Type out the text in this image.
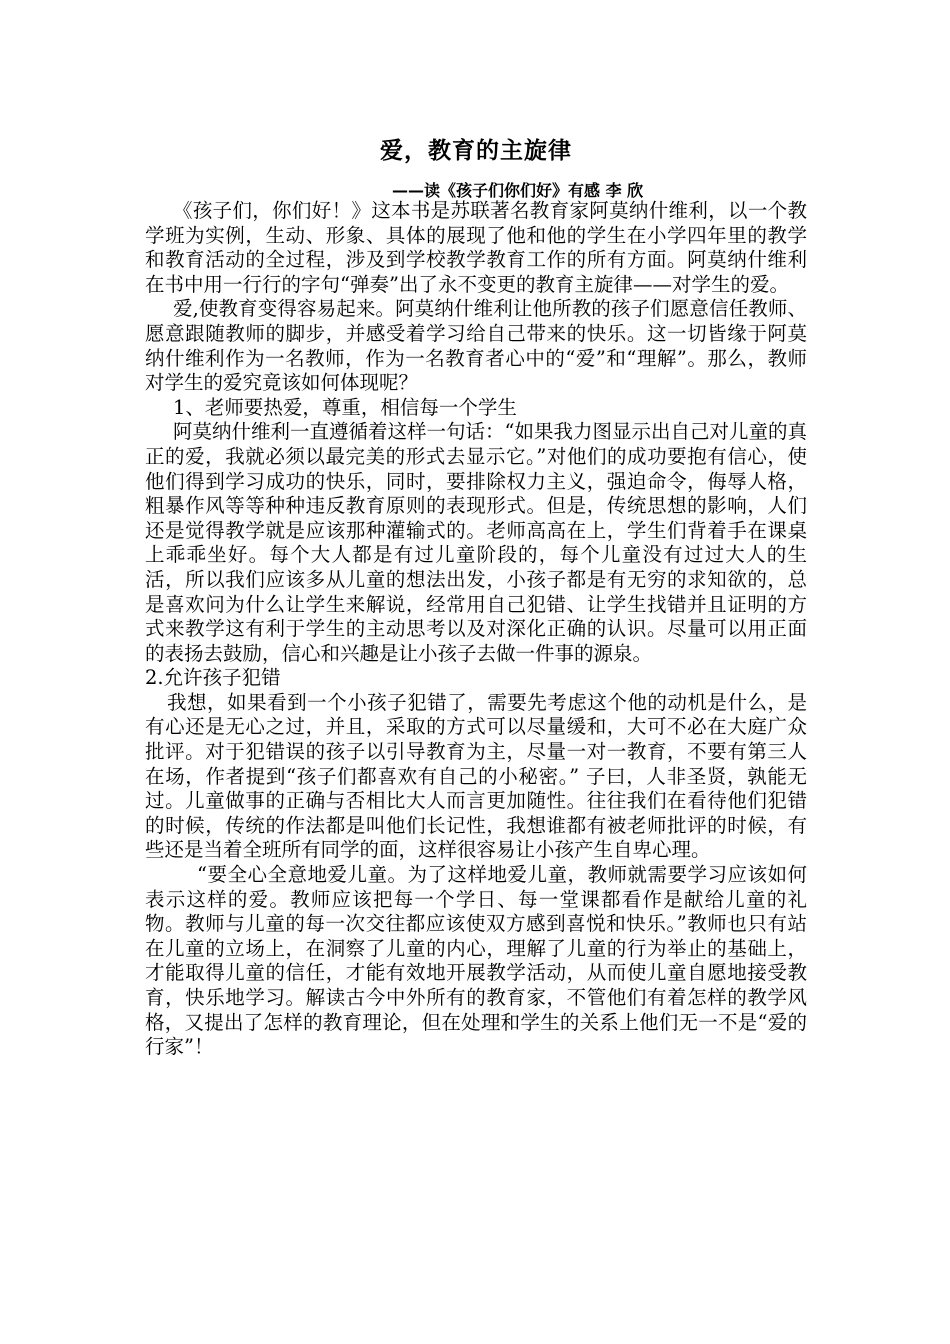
爱，教育的主旋律
——读《孩子们你们好》有感 李 欣

《孩子们，你们好！》这本书是苏联著名教育家阿莫纳什维利，以一个教学班为实例，生动、形象、具体的展现了他和他的学生在小学四年里的教学和教育活动的全过程，涉及到学校教学教育工作的所有方面。阿莫纳什维利在书中用一行行的字句“弹奏”出了永不变更的教育主旋律——对学生的爱。

爱,使教育变得容易起来。阿莫纳什维利让他所教的孩子们愿意信任教师、愿意跟随教师的脚步，并感受着学习给自己带来的快乐。这一切皆缘于阿莫纳什维利作为一名教师，作为一名教育者心中的“爱”和“理解”。那么，教师对学生的爱究竟该如何体现呢？

1、老师要热爱，尊重，相信每一个学生

阿莫纳什维利一直遵循着这样一句话：“如果我力图显示出自己对儿童的真正的爱，我就必须以最完美的形式去显示它。”对他们的成功要抱有信心，使他们得到学习成功的快乐，同时，要排除权力主义，强迫命令，侮辱人格，粗暴作风等等种种违反教育原则的表现形式。但是，传统思想的影响，人们还是觉得教学就是应该那种灌输式的。老师高高在上，学生们背着手在课桌上乖乖坐好。每个大人都是有过儿童阶段的，每个儿童没有过过大人的生活，所以我们应该多从儿童的想法出发，小孩子都是有无穷的求知欲的，总是喜欢问为什么让学生来解说，经常用自己犯错、让学生找错并且证明的方式来教学这有利于学生的主动思考以及对深化正确的认识。尽量可以用正面的表扬去鼓励，信心和兴趣是让小孩子去做一件事的源泉。

2.允许孩子犯错

我想，如果看到一个小孩子犯错了，需要先考虑这个他的动机是什么，是有心还是无心之过，并且，采取的方式可以尽量缓和，大可不必在大庭广众批评。对于犯错误的孩子以引导教育为主，尽量一对一教育，不要有第三人在场，作者提到“孩子们都喜欢有自己的小秘密。” 子曰，人非圣贤，孰能无过。儿童做事的正确与否相比大人而言更加随性。往往我们在看待他们犯错的时候，传统的作法都是叫他们长记性，我想谁都有被老师批评的时候，有些还是当着全班所有同学的面，这样很容易让小孩产生自卑心理。

“要全心全意地爱儿童。为了这样地爱儿童，教师就需要学习应该如何表示这样的爱。教师应该把每一个学日、每一堂课都看作是献给儿童的礼物。教师与儿童的每一次交往都应该使双方感到喜悦和快乐。”教师也只有站在儿童的立场上，在洞察了儿童的内心，理解了儿童的行为举止的基础上，才能取得儿童的信任，才能有效地开展教学活动，从而使儿童自愿地接受教育，快乐地学习。解读古今中外所有的教育家，不管他们有着怎样的教学风格，又提出了怎样的教育理论，但在处理和学生的关系上他们无一不是“爱的行家”！
